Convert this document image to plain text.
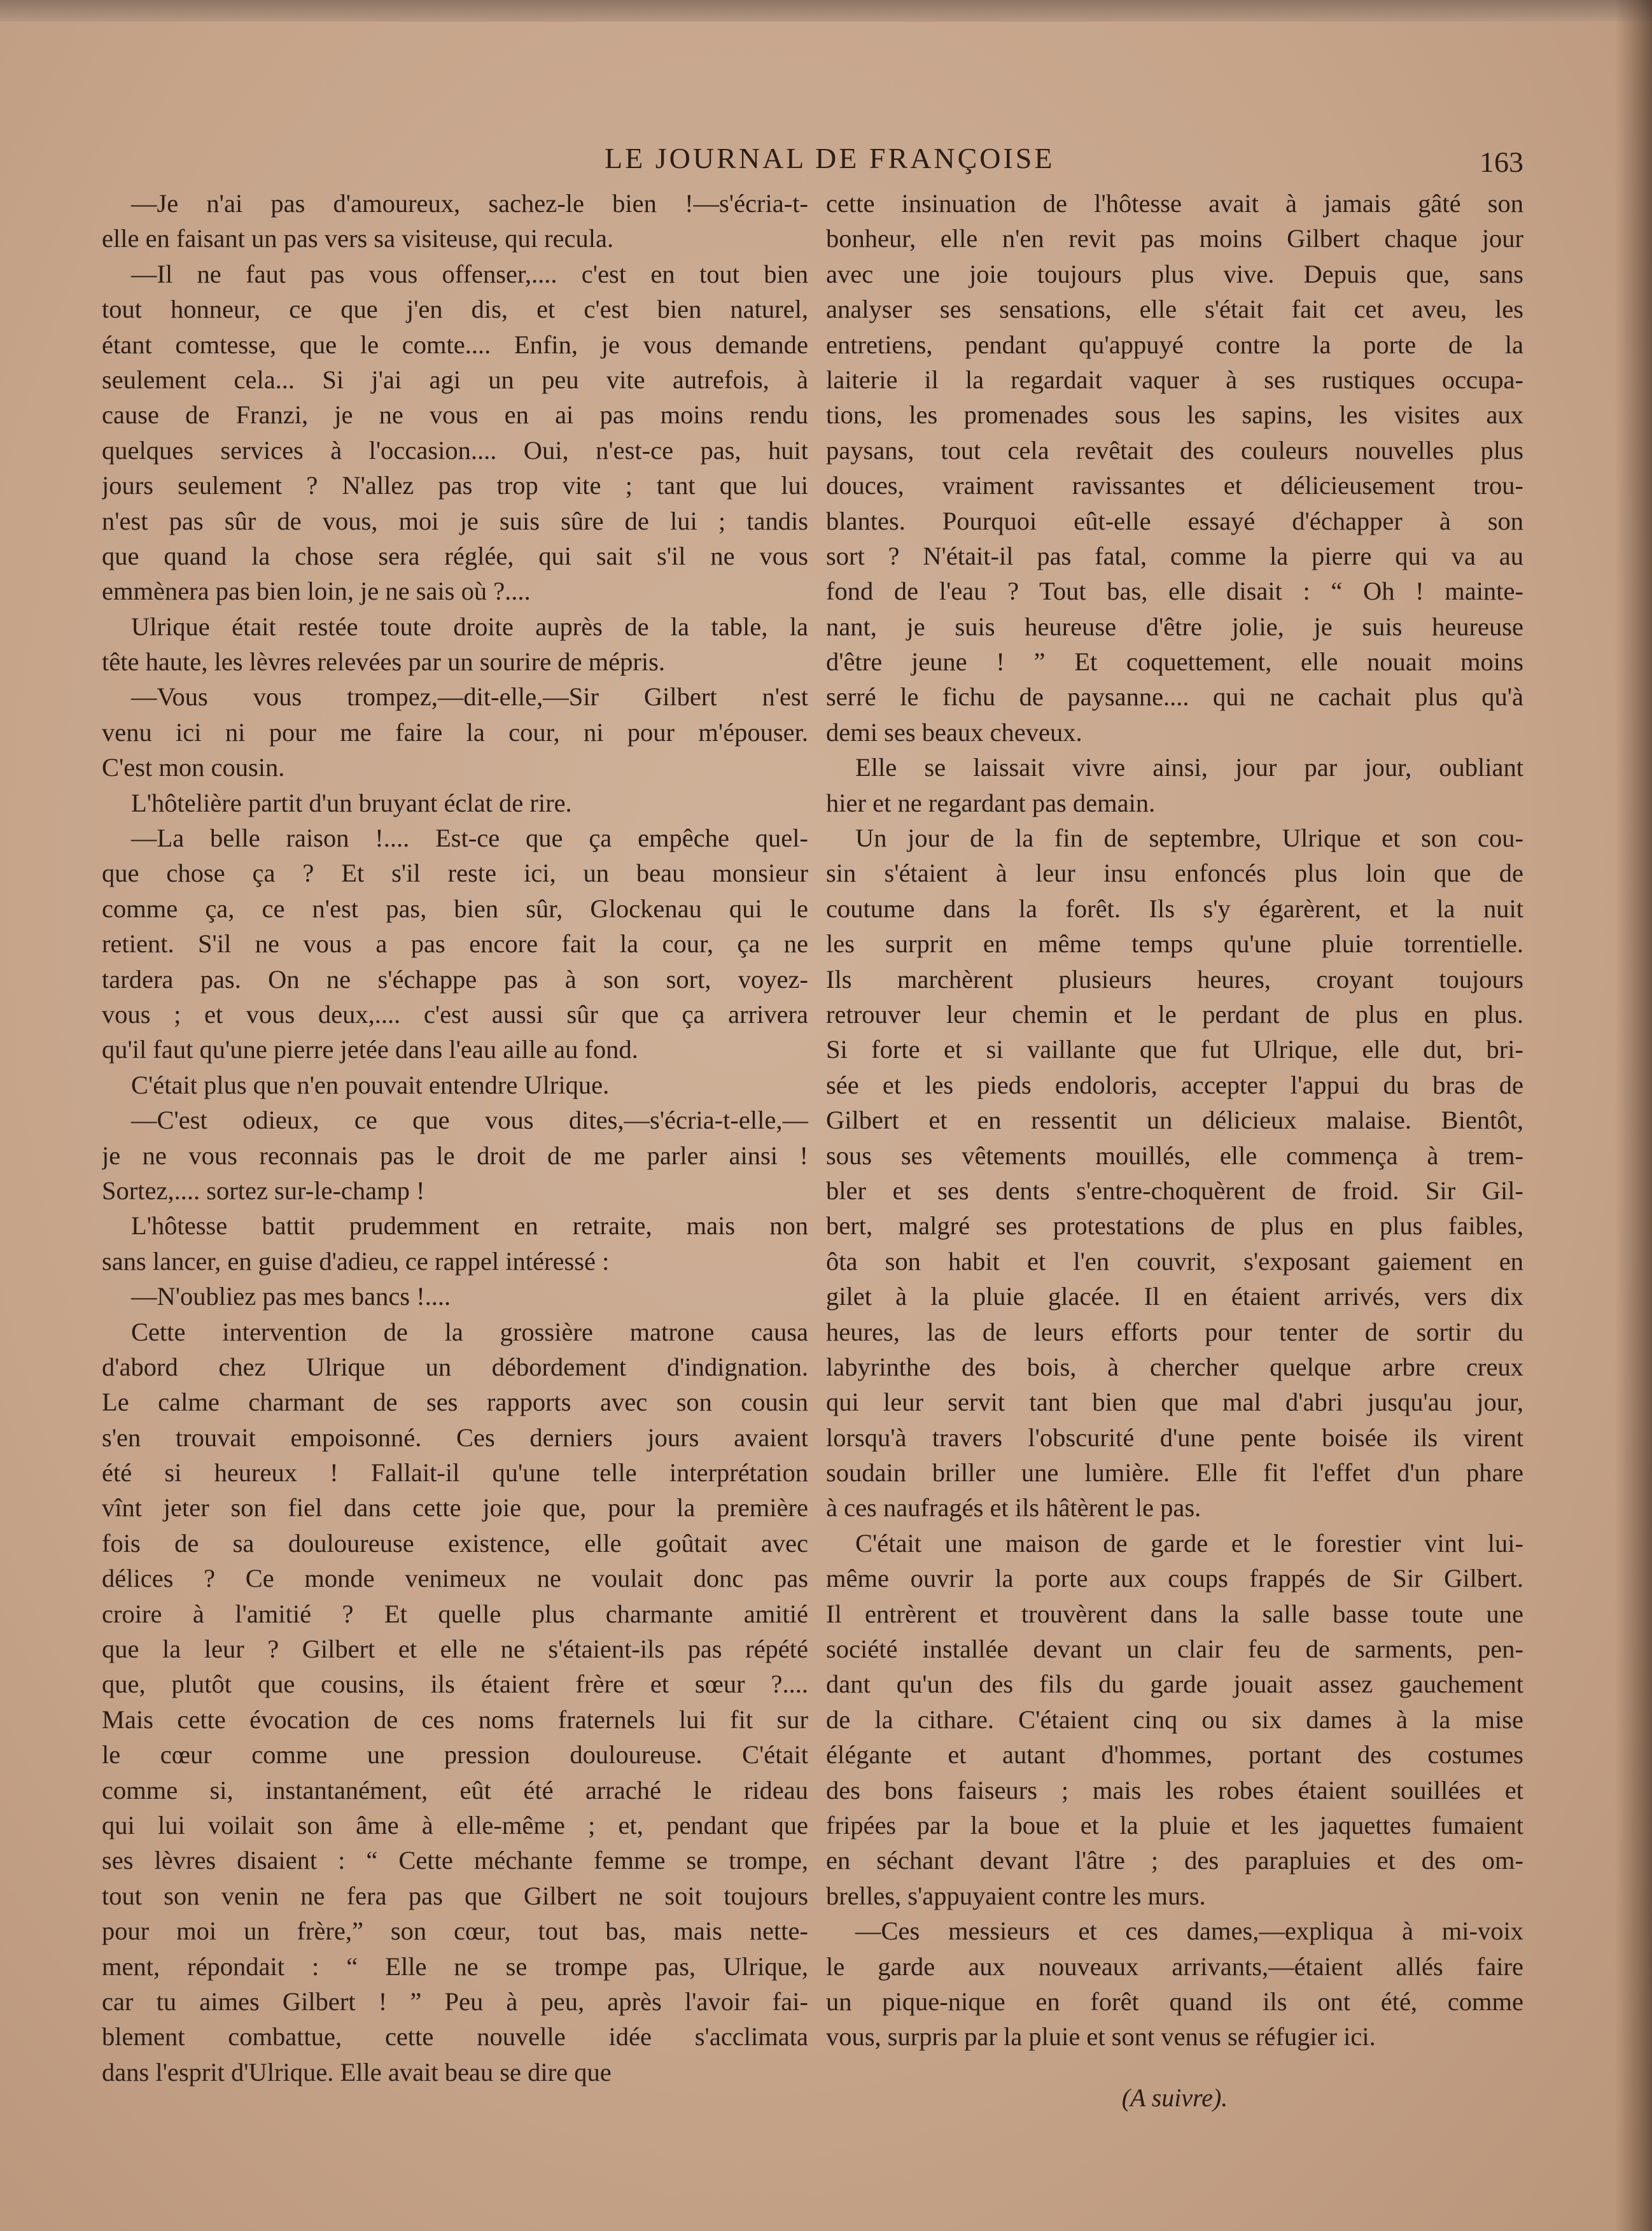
LE JOURNAL DE FRANÇOISE	163
—Je n'ai pas d'amoureux, sachez-le bien !—s'écria-t-
elle en faisant un pas vers sa visiteuse, qui recula.
—Il ne faut pas vous offenser,.... c'est en tout bien
tout honneur, ce que j'en dis, et c'est bien naturel,
étant comtesse, que le comte.... Enfin, je vous demande
seulement cela... Si j'ai agi un peu vite autrefois, à
cause de Franzi, je ne vous en ai pas moins rendu
quelques services à l'occasion.... Oui, n'est-ce pas, huit
jours seulement ? N'allez pas trop vite ; tant que lui
n'est pas sûr de vous, moi je suis sûre de lui ; tandis
que quand la chose sera réglée, qui sait s'il ne vous
emmènera pas bien loin, je ne sais où ?....
Ulrique était restée toute droite auprès de la table, la
tête haute, les lèvres relevées par un sourire de mépris.
—Vous vous trompez,—dit-elle,—Sir Gilbert n'est
venu ici ni pour me faire la cour, ni pour m'épouser.
C'est mon cousin.
L'hôtelière partit d'un bruyant éclat de rire.
—La belle raison !.... Est-ce que ça empêche quel-
que chose ça ? Et s'il reste ici, un beau monsieur
comme ça, ce n'est pas, bien sûr, Glockenau qui le
retient. S'il ne vous a pas encore fait la cour, ça ne
tardera pas. On ne s'échappe pas à son sort, voyez-
vous ; et vous deux,.... c'est aussi sûr que ça arrivera
qu'il faut qu'une pierre jetée dans l'eau aille au fond.
C'était plus que n'en pouvait entendre Ulrique.
—C'est odieux, ce que vous dites,—s'écria-t-elle,—
je ne vous reconnais pas le droit de me parler ainsi !
Sortez,.... sortez sur-le-champ !
L'hôtesse battit prudemment en retraite, mais non
sans lancer, en guise d'adieu, ce rappel intéressé :
—N'oubliez pas mes bancs !....
Cette intervention de la grossière matrone causa
d'abord chez Ulrique un débordement d'indignation.
Le calme charmant de ses rapports avec son cousin
s'en trouvait empoisonné. Ces derniers jours avaient
été si heureux ! Fallait-il qu'une telle interprétation
vînt jeter son fiel dans cette joie que, pour la première
fois de sa douloureuse existence, elle goûtait avec
délices ? Ce monde venimeux ne voulait donc pas
croire à l'amitié ? Et quelle plus charmante amitié
que la leur ? Gilbert et elle ne s'étaient-ils pas répété
que, plutôt que cousins, ils étaient frère et sœur ?....
Mais cette évocation de ces noms fraternels lui fit sur
le cœur comme une pression douloureuse. C'était
comme si, instantanément, eût été arraché le rideau
qui lui voilait son âme à elle-même ; et, pendant que
ses lèvres disaient : “ Cette méchante femme se trompe,
tout son venin ne fera pas que Gilbert ne soit toujours
pour moi un frère,” son cœur, tout bas, mais nette-
ment, répondait : “ Elle ne se trompe pas, Ulrique,
car tu aimes Gilbert ! ” Peu à peu, après l'avoir fai-
blement combattue, cette nouvelle idée s'acclimata
dans l'esprit d'Ulrique. Elle avait beau se dire que
cette insinuation de l'hôtesse avait à jamais gâté son
bonheur, elle n'en revit pas moins Gilbert chaque jour
avec une joie toujours plus vive. Depuis que, sans
analyser ses sensations, elle s'était fait cet aveu, les
entretiens, pendant qu'appuyé contre la porte de la
laiterie il la regardait vaquer à ses rustiques occupa-
tions, les promenades sous les sapins, les visites aux
paysans, tout cela revêtait des couleurs nouvelles plus
douces, vraiment ravissantes et délicieusement trou-
blantes. Pourquoi eût-elle essayé d'échapper à son
sort ? N'était-il pas fatal, comme la pierre qui va au
fond de l'eau ? Tout bas, elle disait : “ Oh ! mainte-
nant, je suis heureuse d'être jolie, je suis heureuse
d'être jeune ! ” Et coquettement, elle nouait moins
serré le fichu de paysanne.... qui ne cachait plus qu'à
demi ses beaux cheveux.
Elle se laissait vivre ainsi, jour par jour, oubliant
hier et ne regardant pas demain.
Un jour de la fin de septembre, Ulrique et son cou-
sin s'étaient à leur insu enfoncés plus loin que de
coutume dans la forêt. Ils s'y égarèrent, et la nuit
les surprit en même temps qu'une pluie torrentielle.
Ils marchèrent plusieurs heures, croyant toujours
retrouver leur chemin et le perdant de plus en plus.
Si forte et si vaillante que fut Ulrique, elle dut, bri-
sée et les pieds endoloris, accepter l'appui du bras de
Gilbert et en ressentit un délicieux malaise. Bientôt,
sous ses vêtements mouillés, elle commença à trem-
bler et ses dents s'entre-choquèrent de froid. Sir Gil-
bert, malgré ses protestations de plus en plus faibles,
ôta son habit et l'en couvrit, s'exposant gaiement en
gilet à la pluie glacée. Il en étaient arrivés, vers dix
heures, las de leurs efforts pour tenter de sortir du
labyrinthe des bois, à chercher quelque arbre creux
qui leur servit tant bien que mal d'abri jusqu'au jour,
lorsqu'à travers l'obscurité d'une pente boisée ils virent
soudain briller une lumière. Elle fit l'effet d'un phare
à ces naufragés et ils hâtèrent le pas.
C'était une maison de garde et le forestier vint lui-
même ouvrir la porte aux coups frappés de Sir Gilbert.
Il entrèrent et trouvèrent dans la salle basse toute une
société installée devant un clair feu de sarments, pen-
dant qu'un des fils du garde jouait assez gauchement
de la cithare. C'étaient cinq ou six dames à la mise
élégante et autant d'hommes, portant des costumes
des bons faiseurs ; mais les robes étaient souillées et
fripées par la boue et la pluie et les jaquettes fumaient
en séchant devant l'âtre ; des parapluies et des om-
brelles, s'appuyaient contre les murs.
—Ces messieurs et ces dames,—expliqua à mi-voix
le garde aux nouveaux arrivants,—étaient allés faire
un pique-nique en forêt quand ils ont été, comme
vous, surpris par la pluie et sont venus se réfugier ici.
(A suivre).
